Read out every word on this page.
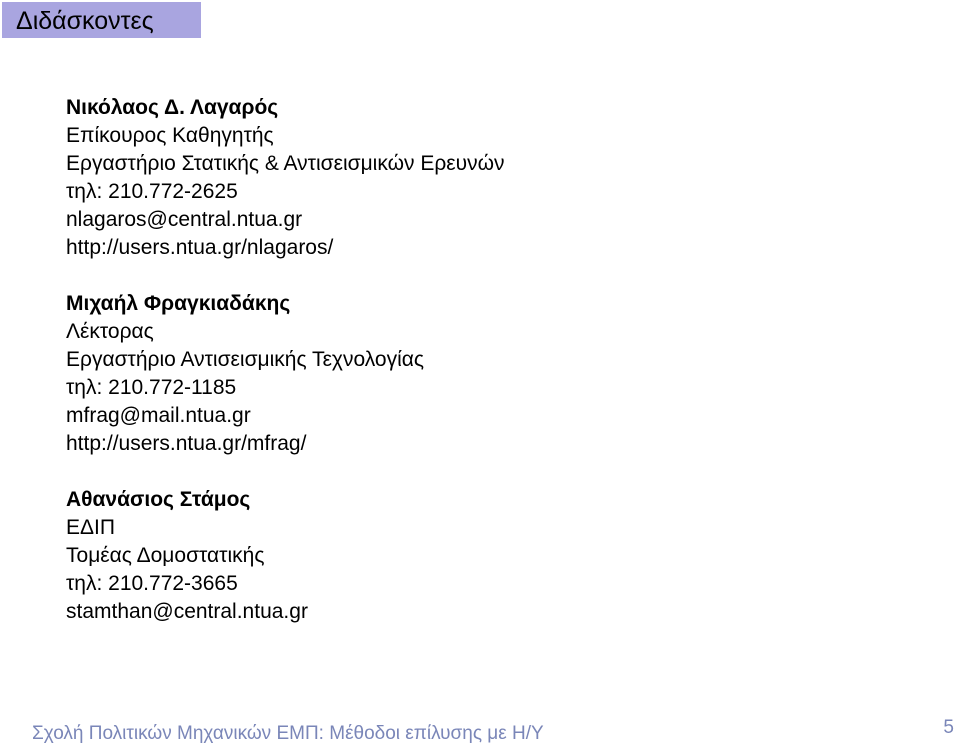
Διδάσκοντες
Νικόλαος Δ. Λαγαρός
Επίκουρος Καθηγητής
Εργαστήριο Στατικής & Αντισεισμικών Ερευνών
τηλ: 210.772-2625
nlagaros@central.ntua.gr
http://users.ntua.gr/nlagaros/
Μιχαήλ Φραγκιαδάκης
Λέκτορας
Εργαστήριο Αντισεισμικής Τεχνολογίας
τηλ: 210.772-1185
mfrag@mail.ntua.gr
http://users.ntua.gr/mfrag/
Αθανάσιος Στάμος
ΕΔΙΠ
Τομέας Δομοστατικής
τηλ: 210.772-3665
stamthan@central.ntua.gr
Σχολή Πολιτικών Μηχανικών ΕΜΠ: Μέθοδοι επίλυσης με Η/Υ	5
